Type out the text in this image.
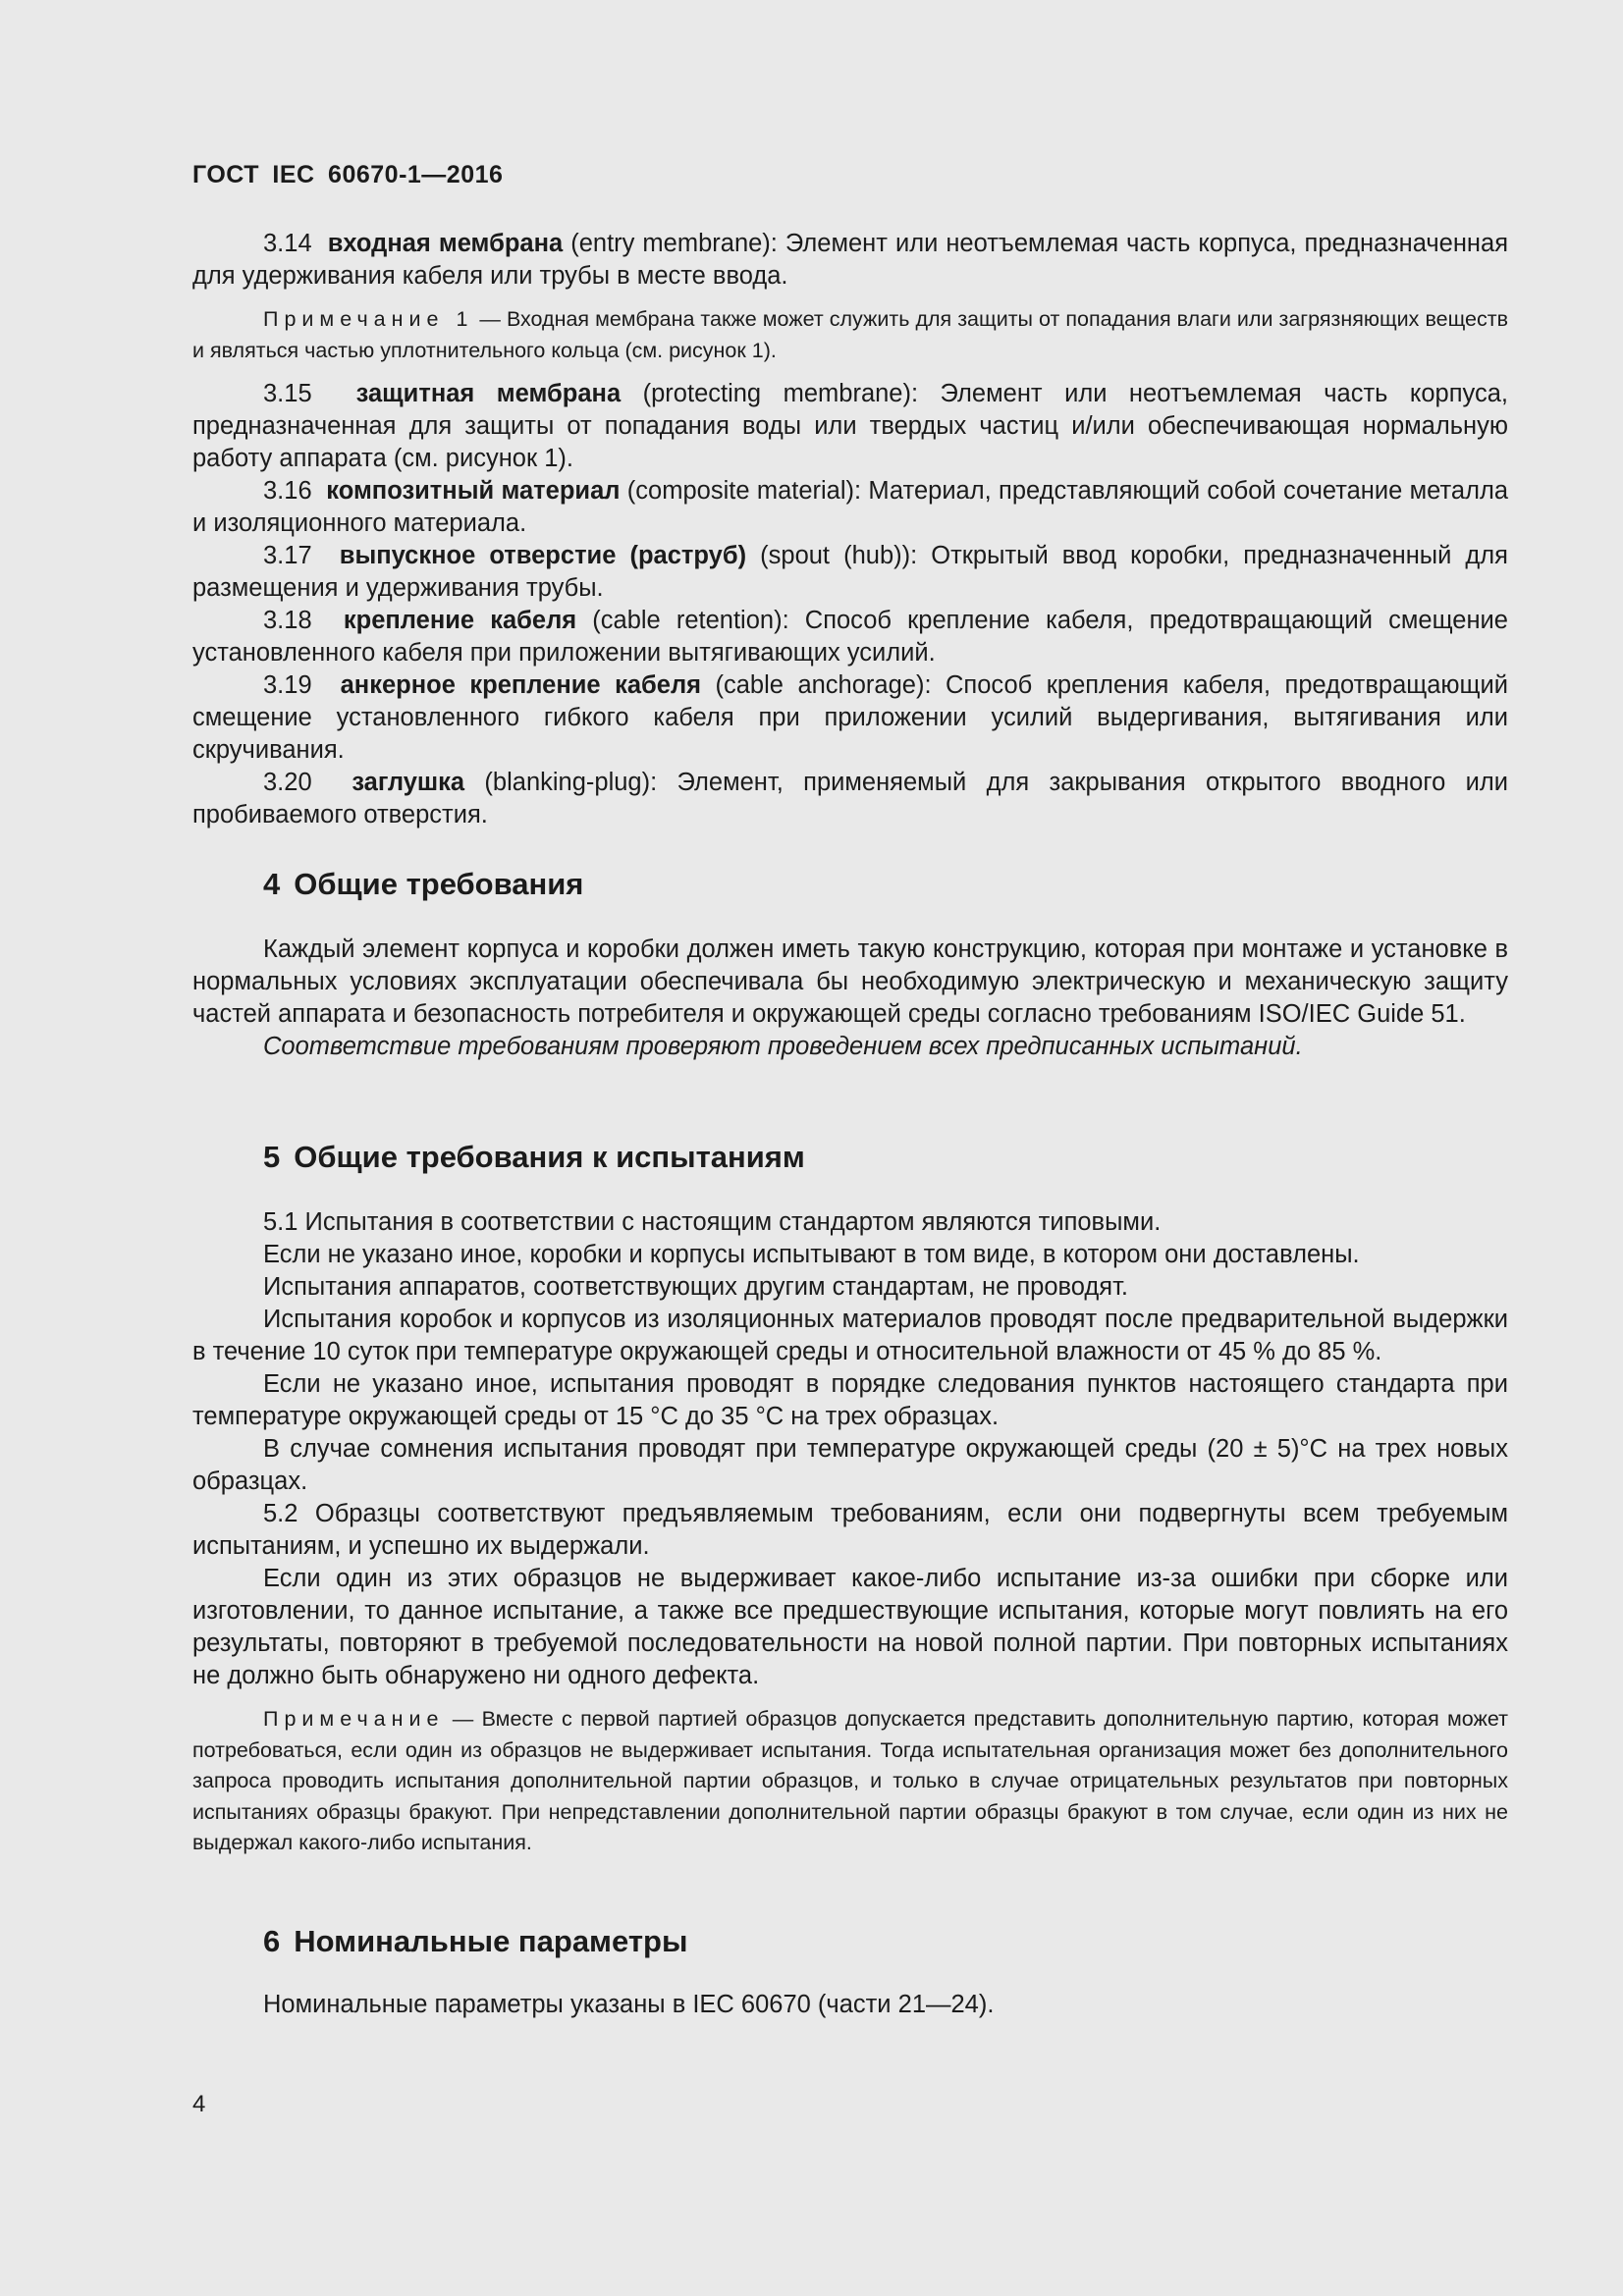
ГОСТ IEC 60670-1—2016

3.14 входная мембрана (entry membrane): Элемент или неотъемлемая часть корпуса, предназначенная для удерживания кабеля или трубы в месте ввода.

Примечание 1 — Входная мембрана также может служить для защиты от попадания влаги или загрязняющих веществ и являться частью уплотнительного кольца (см. рисунок 1).

3.15 защитная мембрана (protecting membrane): Элемент или неотъемлемая часть корпуса, предназначенная для защиты от попадания воды или твердых частиц и/или обеспечивающая нормальную работу аппарата (см. рисунок 1).

3.16 композитный материал (composite material): Материал, представляющий собой сочетание металла и изоляционного материала.

3.17 выпускное отверстие (раструб) (spout (hub)): Открытый ввод коробки, предназначенный для размещения и удерживания трубы.

3.18 крепление кабеля (cable retention): Способ крепление кабеля, предотвращающий смещение установленного кабеля при приложении вытягивающих усилий.

3.19 анкерное крепление кабеля (cable anchorage): Способ крепления кабеля, предотвращающий смещение установленного гибкого кабеля при приложении усилий выдергивания, вытягивания или скручивания.

3.20 заглушка (blanking-plug): Элемент, применяемый для закрывания открытого вводного или пробиваемого отверстия.

4 Общие требования

Каждый элемент корпуса и коробки должен иметь такую конструкцию, которая при монтаже и установке в нормальных условиях эксплуатации обеспечивала бы необходимую электрическую и механическую защиту частей аппарата и безопасность потребителя и окружающей среды согласно требованиям ISO/IEC Guide 51.

Соответствие требованиям проверяют проведением всех предписанных испытаний.

5 Общие требования к испытаниям

5.1 Испытания в соответствии с настоящим стандартом являются типовыми.

Если не указано иное, коробки и корпусы испытывают в том виде, в котором они доставлены.

Испытания аппаратов, соответствующих другим стандартам, не проводят.

Испытания коробок и корпусов из изоляционных материалов проводят после предварительной выдержки в течение 10 суток при температуре окружающей среды и относительной влажности от 45 % до 85 %.

Если не указано иное, испытания проводят в порядке следования пунктов настоящего стандарта при температуре окружающей среды от 15 °С до 35 °С на трех образцах.

В случае сомнения испытания проводят при температуре окружающей среды (20 ± 5)°С на трех новых образцах.

5.2 Образцы соответствуют предъявляемым требованиям, если они подвергнуты всем требуемым испытаниям, и успешно их выдержали.

Если один из этих образцов не выдерживает какое-либо испытание из-за ошибки при сборке или изготовлении, то данное испытание, а также все предшествующие испытания, которые могут повлиять на его результаты, повторяют в требуемой последовательности на новой полной партии. При повторных испытаниях не должно быть обнаружено ни одного дефекта.

Примечание — Вместе с первой партией образцов допускается представить дополнительную партию, которая может потребоваться, если один из образцов не выдерживает испытания. Тогда испытательная организация может без дополнительного запроса проводить испытания дополнительной партии образцов, и только в случае отрицательных результатов при повторных испытаниях образцы бракуют. При непредставлении дополнительной партии образцы бракуют в том случае, если один из них не выдержал какого-либо испытания.

6 Номинальные параметры

Номинальные параметры указаны в IEC 60670 (части 21—24).

4
